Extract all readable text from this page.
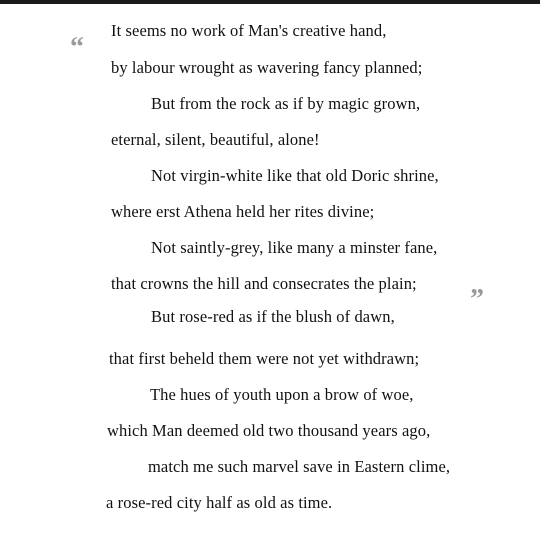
“
”
It seems no work of Man's creative hand,
by labour wrought as wavering fancy planned;
But from the rock as if by magic grown,
eternal, silent, beautiful, alone!
Not virgin-white like that old Doric shrine,
where erst Athena held her rites divine;
Not saintly-grey, like many a minster fane,
that crowns the hill and consecrates the plain;
But rose-red as if the blush of dawn,
that first beheld them were not yet withdrawn;
The hues of youth upon a brow of woe,
which Man deemed old two thousand years ago,
match me such marvel save in Eastern clime,
a rose-red city half as old as time.
